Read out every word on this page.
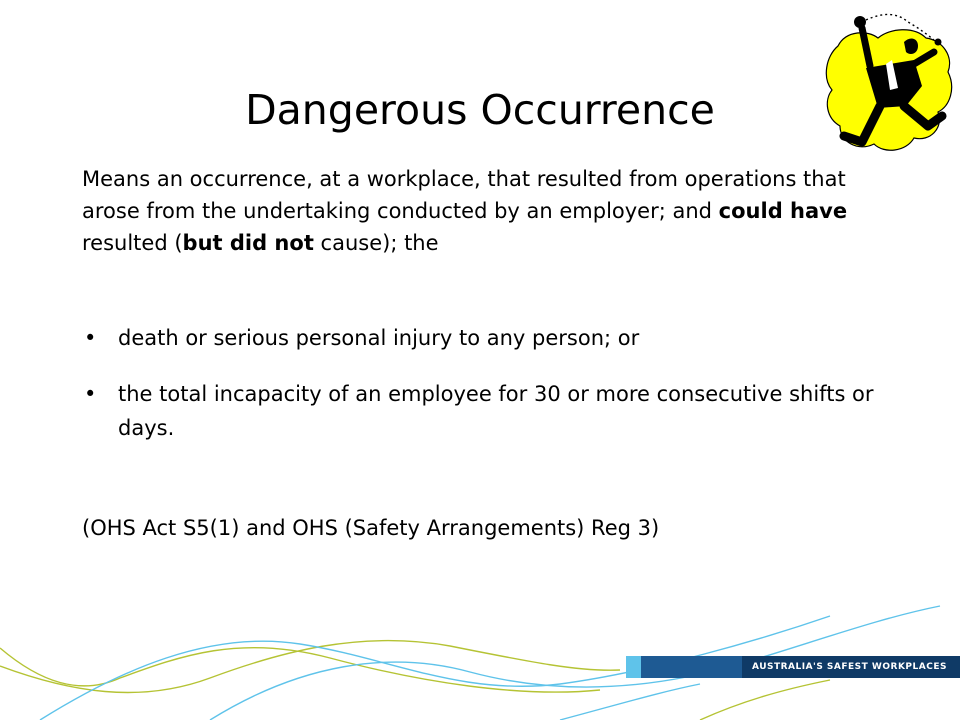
Dangerous Occurrence

Means an occurrence, at a workplace, that resulted from operations that arose from the undertaking conducted by an employer; and could have resulted (but did not cause); the

• death or serious personal injury to any person; or
• the total incapacity of an employee for 30 or more consecutive shifts or
days.
(OHS Act S5(1) and OHS (Safety Arrangements) Reg 3)
AUSTRALIA'S SAFEST WORKPLACES
